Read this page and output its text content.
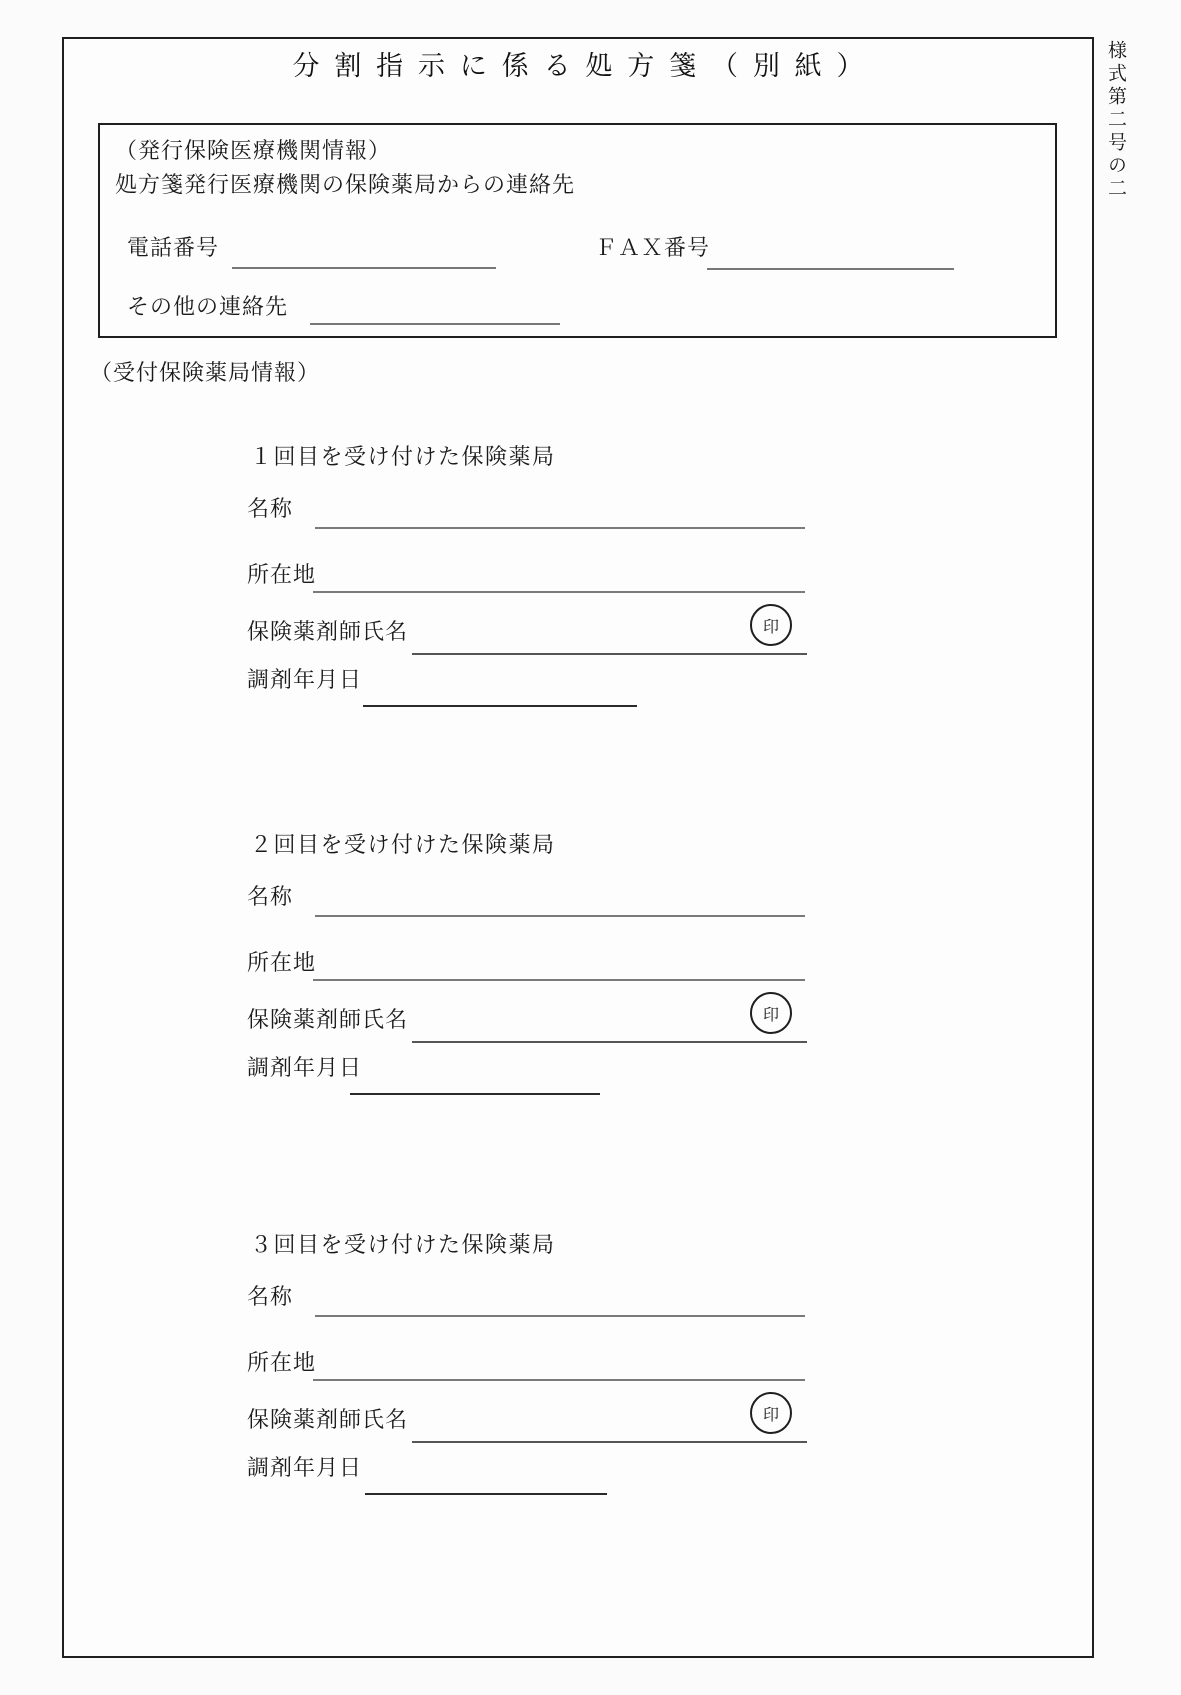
様式第二号の二
分割指示に係る処方箋（別紙）
（発行保険医療機関情報）
処方箋発行医療機関の保険薬局からの連絡先
電話番号	ＦＡＸ番号
その他の連絡先
（受付保険薬局情報）
１回目を受け付けた保険薬局
名称
所在地
保険薬剤師氏名	印
調剤年月日
２回目を受け付けた保険薬局
名称
所在地
保険薬剤師氏名	印
調剤年月日
３回目を受け付けた保険薬局
名称
所在地
保険薬剤師氏名	印
調剤年月日
